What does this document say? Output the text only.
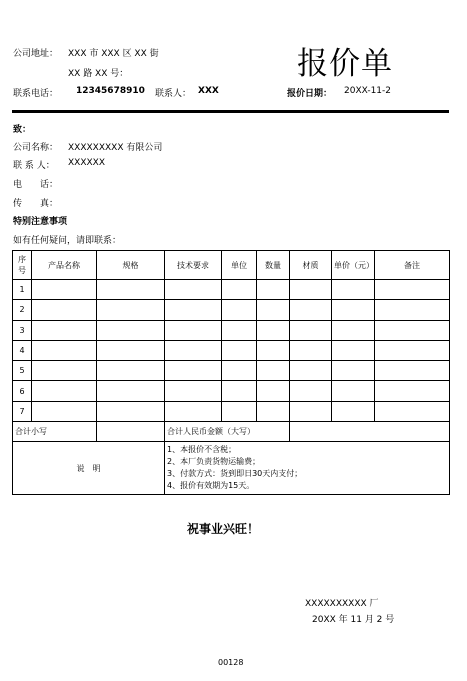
公司地址： XXX 市 XXX 区 XX 街
XX 路 XX 号：
联系电话： 12345678910 联系人： XXX
报价单
报价日期： 20XX-11-2
致：
公司名称： XXXXXXXXX 有限公司
联 系 人： XXXXXX
电　　话：
传　　真：
特别注意事项
如有任何疑问，请即联系：
序号	产品名称	规格	技术要求	单位	数量	材质	单价（元）	备注
1								
2								
3								
4								
5								
6								
7								
合计小写			合计人民币金额（大写）					
说　明			1、本报价不含税；
2、本厂负责货物运输费；
3、付款方式：货到即日30天内支付；
4、报价有效期为15天。					
祝事业兴旺！
XXXXXXXXXX 厂
20XX 年 11 月 2 号
00128
